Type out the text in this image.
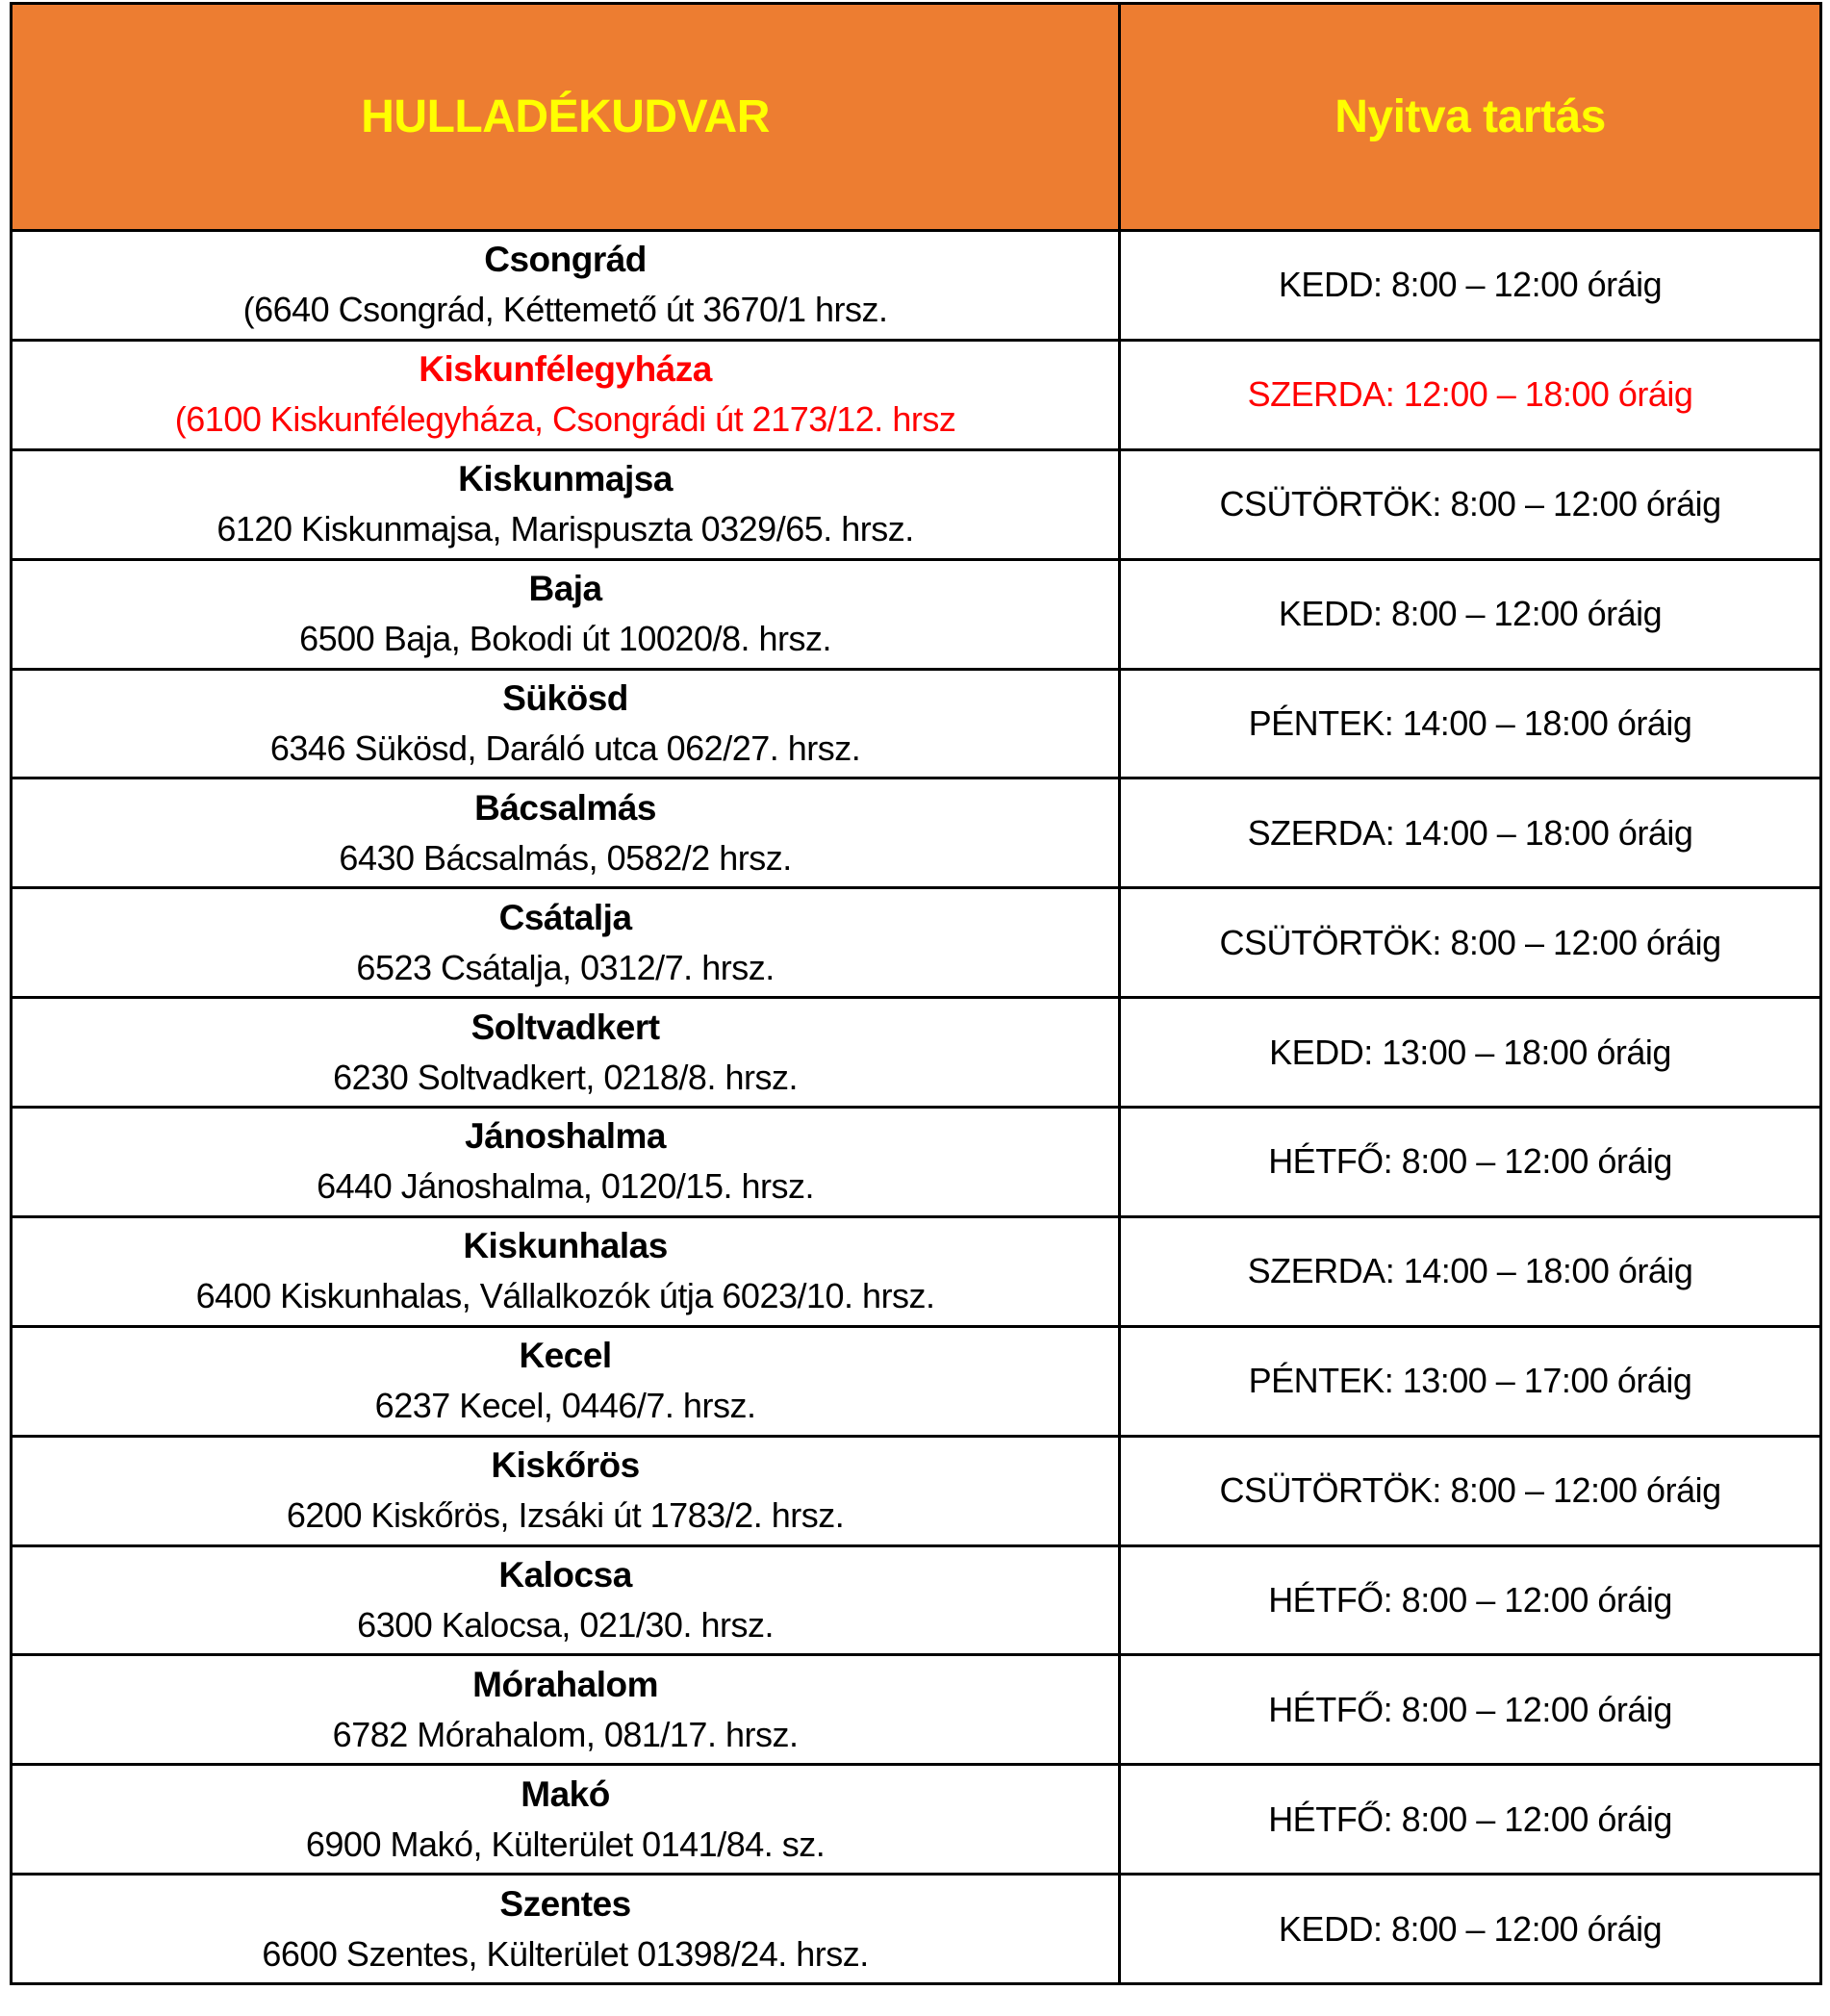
HULLADÉKUDVAR	Nyitva tartás
Csongrád
(6640 Csongrád, Kéttemető út 3670/1 hrsz.
KEDD: 8:00 – 12:00 óráig
Kiskunfélegyháza
(6100 Kiskunfélegyháza, Csongrádi út 2173/12. hrsz
SZERDA: 12:00 – 18:00 óráig
Kiskunmajsa
6120 Kiskunmajsa, Marispuszta 0329/65. hrsz.
CSÜTÖRTÖK: 8:00 – 12:00 óráig
Baja
6500 Baja, Bokodi út 10020/8. hrsz.
KEDD: 8:00 – 12:00 óráig
Sükösd
6346 Sükösd, Daráló utca 062/27. hrsz.
PÉNTEK: 14:00 – 18:00 óráig
Bácsalmás
6430 Bácsalmás, 0582/2 hrsz.
SZERDA: 14:00 – 18:00 óráig
Csátalja
6523 Csátalja, 0312/7. hrsz.
CSÜTÖRTÖK: 8:00 – 12:00 óráig
Soltvadkert
6230 Soltvadkert, 0218/8. hrsz.
KEDD: 13:00 – 18:00 óráig
Jánoshalma
6440 Jánoshalma, 0120/15. hrsz.
HÉTFŐ: 8:00 – 12:00 óráig
Kiskunhalas
6400 Kiskunhalas, Vállalkozók útja 6023/10. hrsz.
SZERDA: 14:00 – 18:00 óráig
Kecel
6237 Kecel, 0446/7. hrsz.
PÉNTEK: 13:00 – 17:00 óráig
Kiskőrös
6200 Kiskőrös, Izsáki út 1783/2. hrsz.
CSÜTÖRTÖK: 8:00 – 12:00 óráig
Kalocsa
6300 Kalocsa, 021/30. hrsz.
HÉTFŐ: 8:00 – 12:00 óráig
Mórahalom
6782 Mórahalom, 081/17. hrsz.
HÉTFŐ: 8:00 – 12:00 óráig
Makó
6900 Makó, Külterület 0141/84. sz.
HÉTFŐ: 8:00 – 12:00 óráig
Szentes
6600 Szentes, Külterület 01398/24. hrsz.
KEDD: 8:00 – 12:00 óráig
